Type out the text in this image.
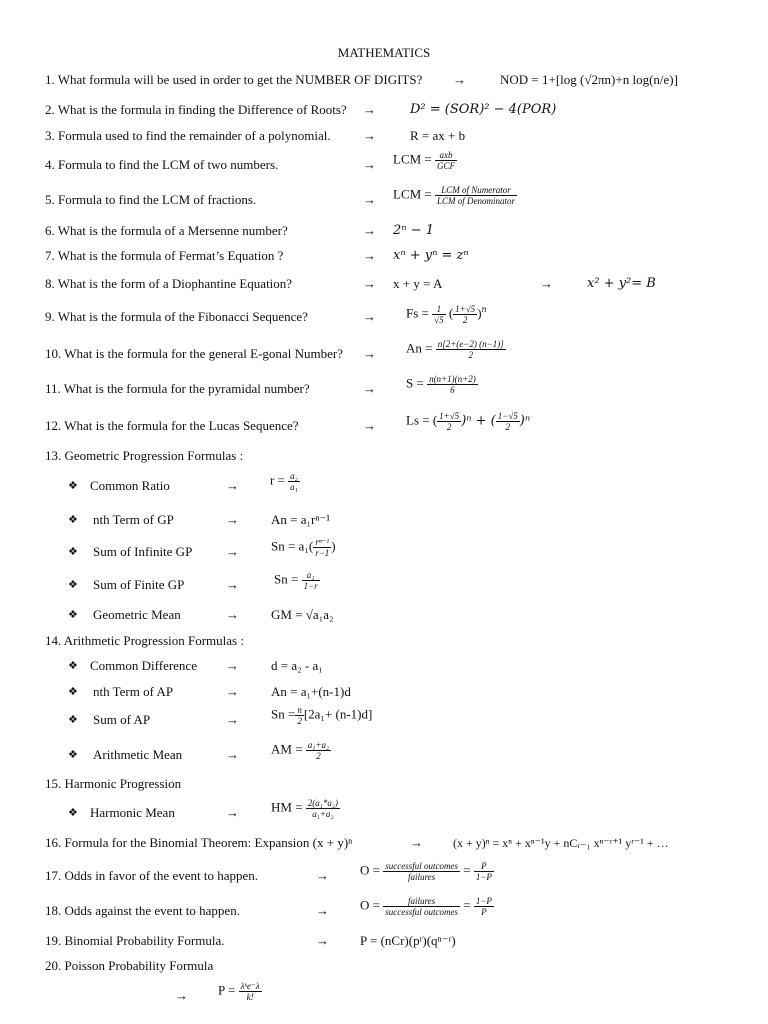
MATHEMATICS
1. What formula will be used in order to get the NUMBER OF DIGITS? →	NOD = 1+[log (√2πn)+n log(n/e)]
2. What is the formula in finding the Difference of Roots? →	D² = (SOR)² − 4(POR)
3. Formula used to find the remainder of a polynomial. →	R = ax + b
4. Formula to find the LCM of two numbers.	→ LCM = $\frac{\text{axb}}{\text{GCF}}$
5. Formula to find the LCM of fractions.	→ LCM = $\frac{\text{LCM of Numerator}}{\text{LCM of Denominator}}$
6. What is the formula of a Mersenne number?	→ 2ⁿ − 1
7. What is the formula of Fermat’s Equation ?	→ xⁿ + yⁿ = zⁿ
8. What is the form of a Diophantine Equation?	→ x + y = A	→	x² + y²= B
9. What is the formula of the Fibonacci Sequence?	→ $Fs = \frac{1}{√5}$ ( $\frac{1+√5}{2} )^n$
10. What is the formula for the general E-gonal Number? → $An = \frac{n[2+(e-2) (n-1)]}{2}$
11. What is the formula for the pyramidal number?	→ $S = \frac{n(n+1)(n+2)}{6}$
12. What is the formula for the Lucas Sequence?	→ Ls = ( $\frac{1+√5}{2} )^n$ + ( $\frac{1-√5}{2} )^n$
13. Geometric Progression Formulas :
❖ Common Ratio	→ $r = \frac{\text{a₂}}{\text{a₁}}$
❖ nth Term of GP	→ An = a₁rⁿ⁻¹
❖ Sum of Infinite GP	→ $Sn = a_1( \frac{\text{rⁿ⁻¹}}{r-1}$ )
❖ Sum of Finite GP	→	$Sn = \frac{\text{a₁}}{1-r}$
❖ Geometric Mean	→ GM = √a₁a₂
14. Arithmetic Progression Formulas :
❖ Common Difference → d = a₂ - a₁
❖ nth Term of AP	→ An = a₁+(n-1)d
❖ Sum of AP	→ $Sn = \frac{n}{2} [2a_1+ (n-1)d]$
❖ Arithmetic Mean	→ AM = $\frac{\text{a₁+a₂}}{2}$
15. Harmonic Progression
❖ Harmonic Mean	→ HM = $\frac{\text{2(a₁*a₂)}}{\text{a₁+a₂}}$
16. Formula for the Binomial Theorem: Expansion (x + y)ⁿ	→	(x + y)ⁿ = xⁿ + xⁿ⁻¹y + nCᵣ₋₁ xⁿ⁻ʳ⁺¹ yʳ⁻¹ + …
17. Odds in favor of the event to happen.	→ $O = \frac{\text{successful outcomes}}{\text{failures}} = \frac{P}{1-P}$
18. Odds against the event to happen.	→ $O = \frac{\text{failures}}{\text{successful outcomes}} = \frac{1-P}{P}$
19. Binomial Probability Formula.	→ P = (nCr)(pʳ)(qⁿ⁻ʳ)
20. Poisson Probability Formula
→ $P = \frac{\text{λᵏe⁻λ}}{k!}$
